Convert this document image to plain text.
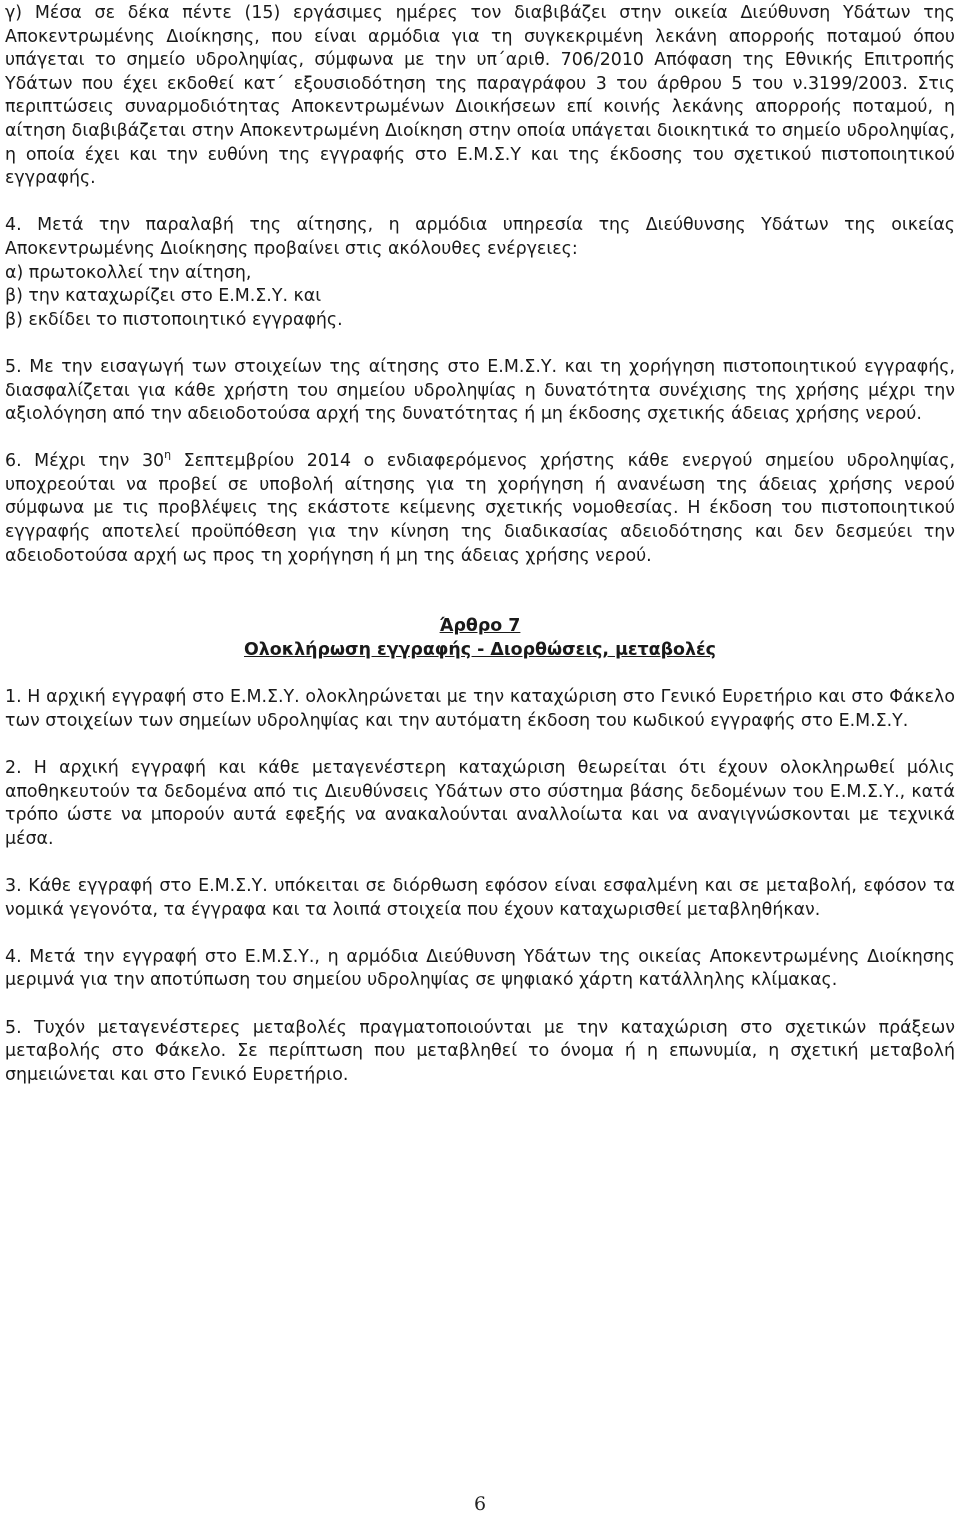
γ) Μέσα σε δέκα πέντε (15) εργάσιμες ημέρες τον διαβιβάζει στην οικεία Διεύθυνση Υδάτων της Αποκεντρωμένης Διοίκησης, που είναι αρμόδια για τη συγκεκριμένη λεκάνη απορροής ποταμού όπου υπάγεται το σημείο υδροληψίας, σύμφωνα με την υπ΄αριθ. 706/2010 Απόφαση της Εθνικής Επιτροπής Υδάτων που έχει εκδοθεί κατ΄ εξουσιοδότηση της παραγράφου 3 του άρθρου 5 του ν.3199/2003. Στις περιπτώσεις συναρμοδιότητας Αποκεντρωμένων Διοικήσεων επί κοινής λεκάνης απορροής ποταμού, η αίτηση διαβιβάζεται στην Αποκεντρωμένη Διοίκηση στην οποία υπάγεται διοικητικά το σημείο υδροληψίας, η οποία έχει και την ευθύνη της εγγραφής στο Ε.Μ.Σ.Υ και της έκδοσης του σχετικού πιστοποιητικού εγγραφής.

4. Μετά την παραλαβή της αίτησης, η αρμόδια υπηρεσία της Διεύθυνσης Υδάτων της οικείας Αποκεντρωμένης Διοίκησης προβαίνει στις ακόλουθες ενέργειες:

α) πρωτοκολλεί την αίτηση,

β) την καταχωρίζει στο Ε.Μ.Σ.Υ. και

β) εκδίδει το πιστοποιητικό εγγραφής.

5. Με την εισαγωγή των στοιχείων της αίτησης στο Ε.Μ.Σ.Υ. και τη χορήγηση πιστοποιητικού εγγραφής, διασφαλίζεται για κάθε χρήστη του σημείου υδροληψίας η δυνατότητα συνέχισης της χρήσης μέχρι την αξιολόγηση από την αδειοδοτούσα αρχή της δυνατότητας ή μη έκδοσης σχετικής άδειας χρήσης νερού.

6. Μέχρι την $30^\eta$ Σεπτεμβρίου 2014 ο ενδιαφερόμενος χρήστης κάθε ενεργού σημείου υδροληψίας, υποχρεούται να προβεί σε υποβολή αίτησης για τη χορήγηση ή ανανέωση της άδειας χρήσης νερού σύμφωνα με τις προβλέψεις της εκάστοτε κείμενης σχετικής νομοθεσίας. Η έκδοση του πιστοποιητικού εγγραφής αποτελεί προϋπόθεση για την κίνηση της διαδικασίας αδειοδότησης και δεν δεσμεύει την αδειοδοτούσα αρχή ως προς τη χορήγηση ή μη της άδειας χρήσης νερού.

Άρθρο 7

Ολοκλήρωση εγγραφής - Διορθώσεις, μεταβολές

1. Η αρχική εγγραφή στο Ε.Μ.Σ.Υ. ολοκληρώνεται με την καταχώριση στο Γενικό Ευρετήριο και στο Φάκελο των στοιχείων των σημείων υδροληψίας και την αυτόματη έκδοση του κωδικού εγγραφής στο Ε.Μ.Σ.Υ.

2. Η αρχική εγγραφή και κάθε μεταγενέστερη καταχώριση θεωρείται ότι έχουν ολοκληρωθεί μόλις αποθηκευτούν τα δεδομένα από τις Διευθύνσεις Υδάτων στο σύστημα βάσης δεδομένων του Ε.Μ.Σ.Υ., κατά τρόπο ώστε να μπορούν αυτά εφεξής να ανακαλούνται αναλλοίωτα και να αναγιγνώσκονται με τεχνικά μέσα.

3. Κάθε εγγραφή στο Ε.Μ.Σ.Υ. υπόκειται σε διόρθωση εφόσον είναι εσφαλμένη και σε μεταβολή, εφόσον τα νομικά γεγονότα, τα έγγραφα και τα λοιπά στοιχεία που έχουν καταχωρισθεί μεταβληθήκαν.

4. Μετά την εγγραφή στο Ε.Μ.Σ.Υ., η αρμόδια Διεύθυνση Υδάτων της οικείας Αποκεντρωμένης Διοίκησης μεριμνά για την αποτύπωση του σημείου υδροληψίας σε ψηφιακό χάρτη κατάλληλης κλίμακας.

5. Τυχόν μεταγενέστερες μεταβολές πραγματοποιούνται με την καταχώριση στο σχετικών πράξεων μεταβολής στο Φάκελο. Σε περίπτωση που μεταβληθεί το όνομα ή η επωνυμία, η σχετική μεταβολή σημειώνεται και στο Γενικό Ευρετήριο.

6
